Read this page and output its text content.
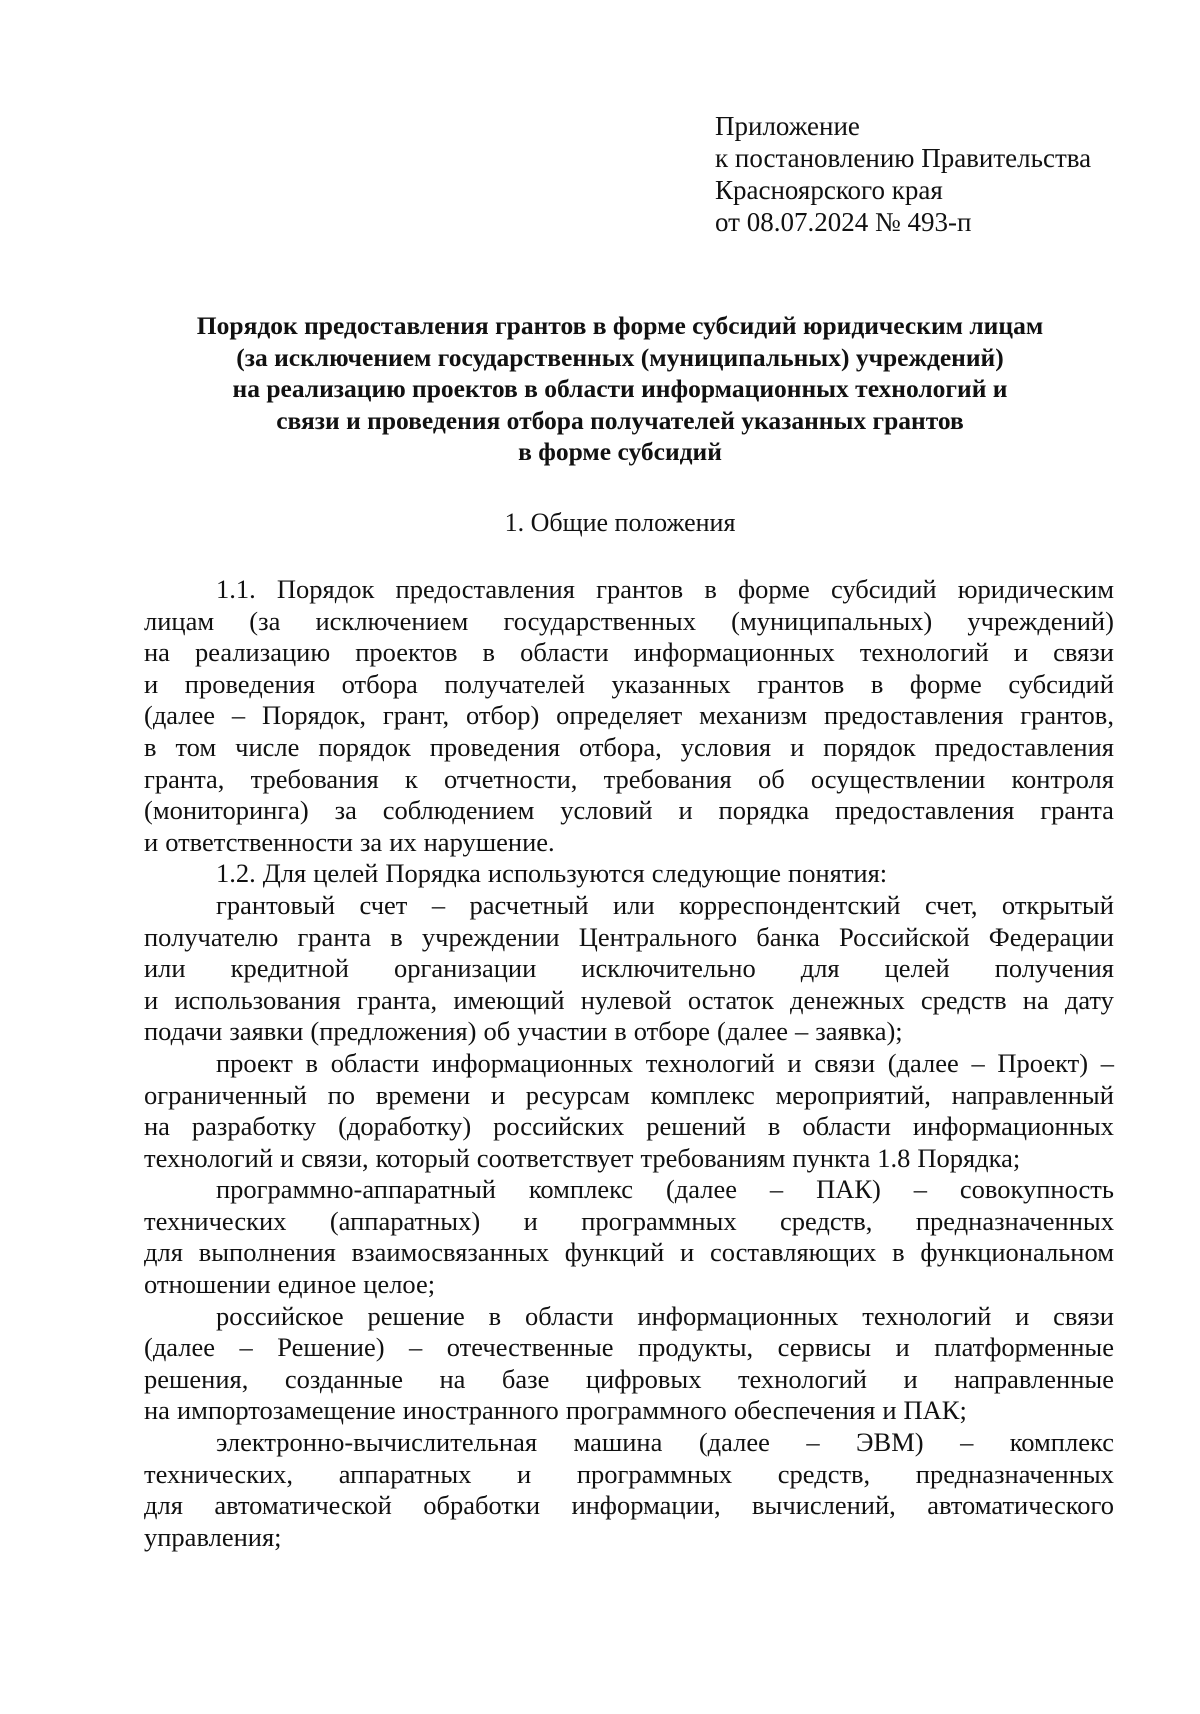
Приложение
к постановлению Правительства
Красноярского края
от 08.07.2024 № 493-п
Порядок предоставления грантов в форме субсидий юридическим лицам
(за исключением государственных (муниципальных) учреждений)
на реализацию проектов в области информационных технологий и
связи и проведения отбора получателей указанных грантов
в форме субсидий
1. Общие положения
1.1. Порядок предоставления грантов в форме субсидий юридическим
лицам (за исключением государственных (муниципальных) учреждений)
на реализацию проектов в области информационных технологий и связи
и проведения отбора получателей указанных грантов в форме субсидий
(далее – Порядок, грант, отбор) определяет механизм предоставления грантов,
в том числе порядок проведения отбора, условия и порядок предоставления
гранта, требования к отчетности, требования об осуществлении контроля
(мониторинга) за соблюдением условий и порядка предоставления гранта
и ответственности за их нарушение.
1.2. Для целей Порядка используются следующие понятия:
грантовый счет – расчетный или корреспондентский счет, открытый
получателю гранта в учреждении Центрального банка Российской Федерации
или кредитной организации исключительно для целей получения
и использования гранта, имеющий нулевой остаток денежных средств на дату
подачи заявки (предложения) об участии в отборе (далее – заявка);
проект в области информационных технологий и связи (далее – Проект) –
ограниченный по времени и ресурсам комплекс мероприятий, направленный
на разработку (доработку) российских решений в области информационных
технологий и связи, который соответствует требованиям пункта 1.8 Порядка;
программно-аппаратный комплекс (далее – ПАК) – совокупность
технических (аппаратных) и программных средств, предназначенных
для выполнения взаимосвязанных функций и составляющих в функциональном
отношении единое целое;
российское решение в области информационных технологий и связи
(далее – Решение) – отечественные продукты, сервисы и платформенные
решения, созданные на базе цифровых технологий и направленные
на импортозамещение иностранного программного обеспечения и ПАК;
электронно-вычислительная машина (далее – ЭВМ) – комплекс
технических, аппаратных и программных средств, предназначенных
для автоматической обработки информации, вычислений, автоматического
управления;
